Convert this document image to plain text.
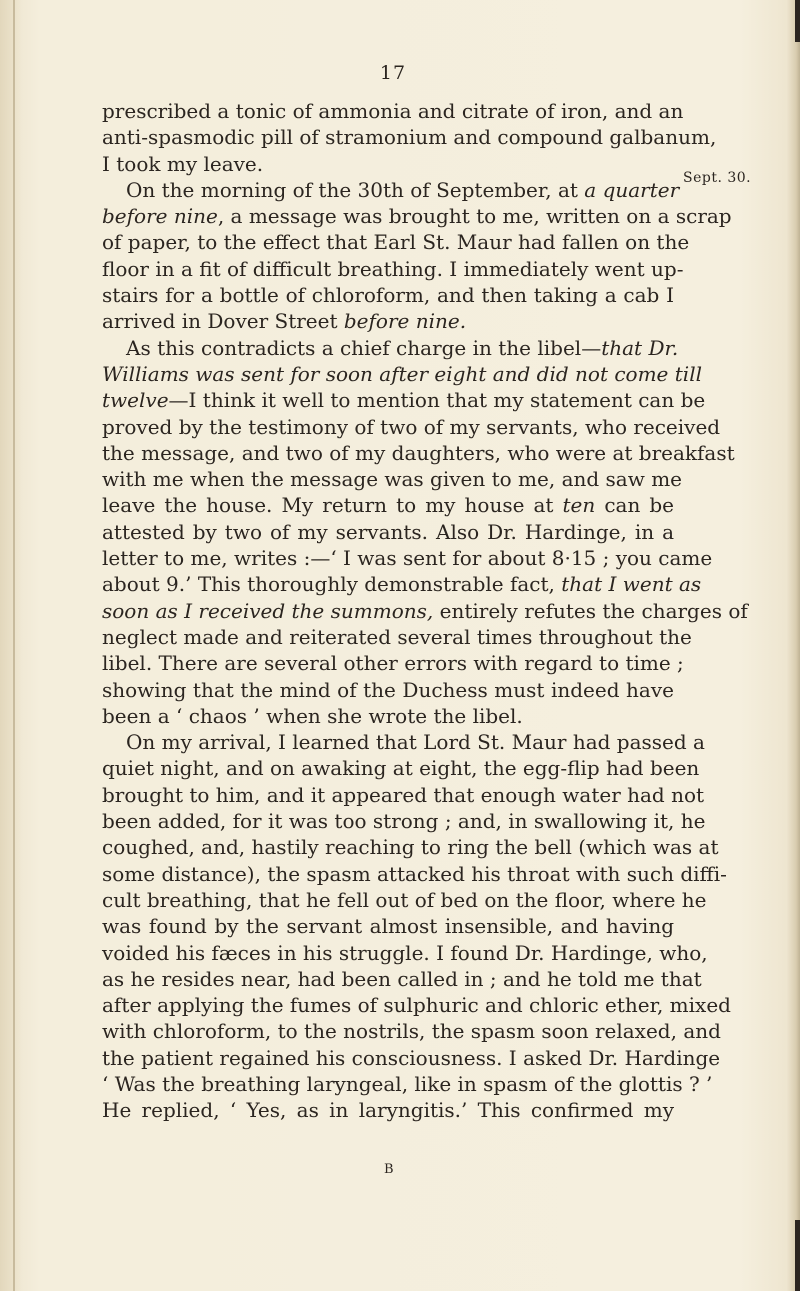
17
Sept. 30.
prescribed a tonic of ammonia and citrate of iron, and an
anti-spasmodic pill of stramonium and compound galbanum,
I took my leave.
On the morning of the 30th of September, at a quarter
before nine, a message was brought to me, written on a scrap
of paper, to the effect that Earl St. Maur had fallen on the
floor in a fit of difficult breathing. I immediately went up-
stairs for a bottle of chloroform, and then taking a cab I
arrived in Dover Street before nine.
As this contradicts a chief charge in the libel—that Dr.
Williams was sent for soon after eight and did not come till
twelve—I think it well to mention that my statement can be
proved by the testimony of two of my servants, who received
the message, and two of my daughters, who were at breakfast
with me when the message was given to me, and saw me
leave the house. My return to my house at ten can be
attested by two of my servants. Also Dr. Hardinge, in a
letter to me, writes :—‘ I was sent for about 8·15 ; you came
about 9.’ This thoroughly demonstrable fact, that I went as
soon as I received the summons, entirely refutes the charges of
neglect made and reiterated several times throughout the
libel. There are several other errors with regard to time ;
showing that the mind of the Duchess must indeed have
been a ‘ chaos ’ when she wrote the libel.
On my arrival, I learned that Lord St. Maur had passed a
quiet night, and on awaking at eight, the egg-flip had been
brought to him, and it appeared that enough water had not
been added, for it was too strong ; and, in swallowing it, he
coughed, and, hastily reaching to ring the bell (which was at
some distance), the spasm attacked his throat with such diffi-
cult breathing, that he fell out of bed on the floor, where he
was found by the servant almost insensible, and having
voided his fæces in his struggle. I found Dr. Hardinge, who,
as he resides near, had been called in ; and he told me that
after applying the fumes of sulphuric and chloric ether, mixed
with chloroform, to the nostrils, the spasm soon relaxed, and
the patient regained his consciousness. I asked Dr. Hardinge
‘ Was the breathing laryngeal, like in spasm of the glottis ? ’
He replied, ‘ Yes, as in laryngitis.’ This confirmed my
B
